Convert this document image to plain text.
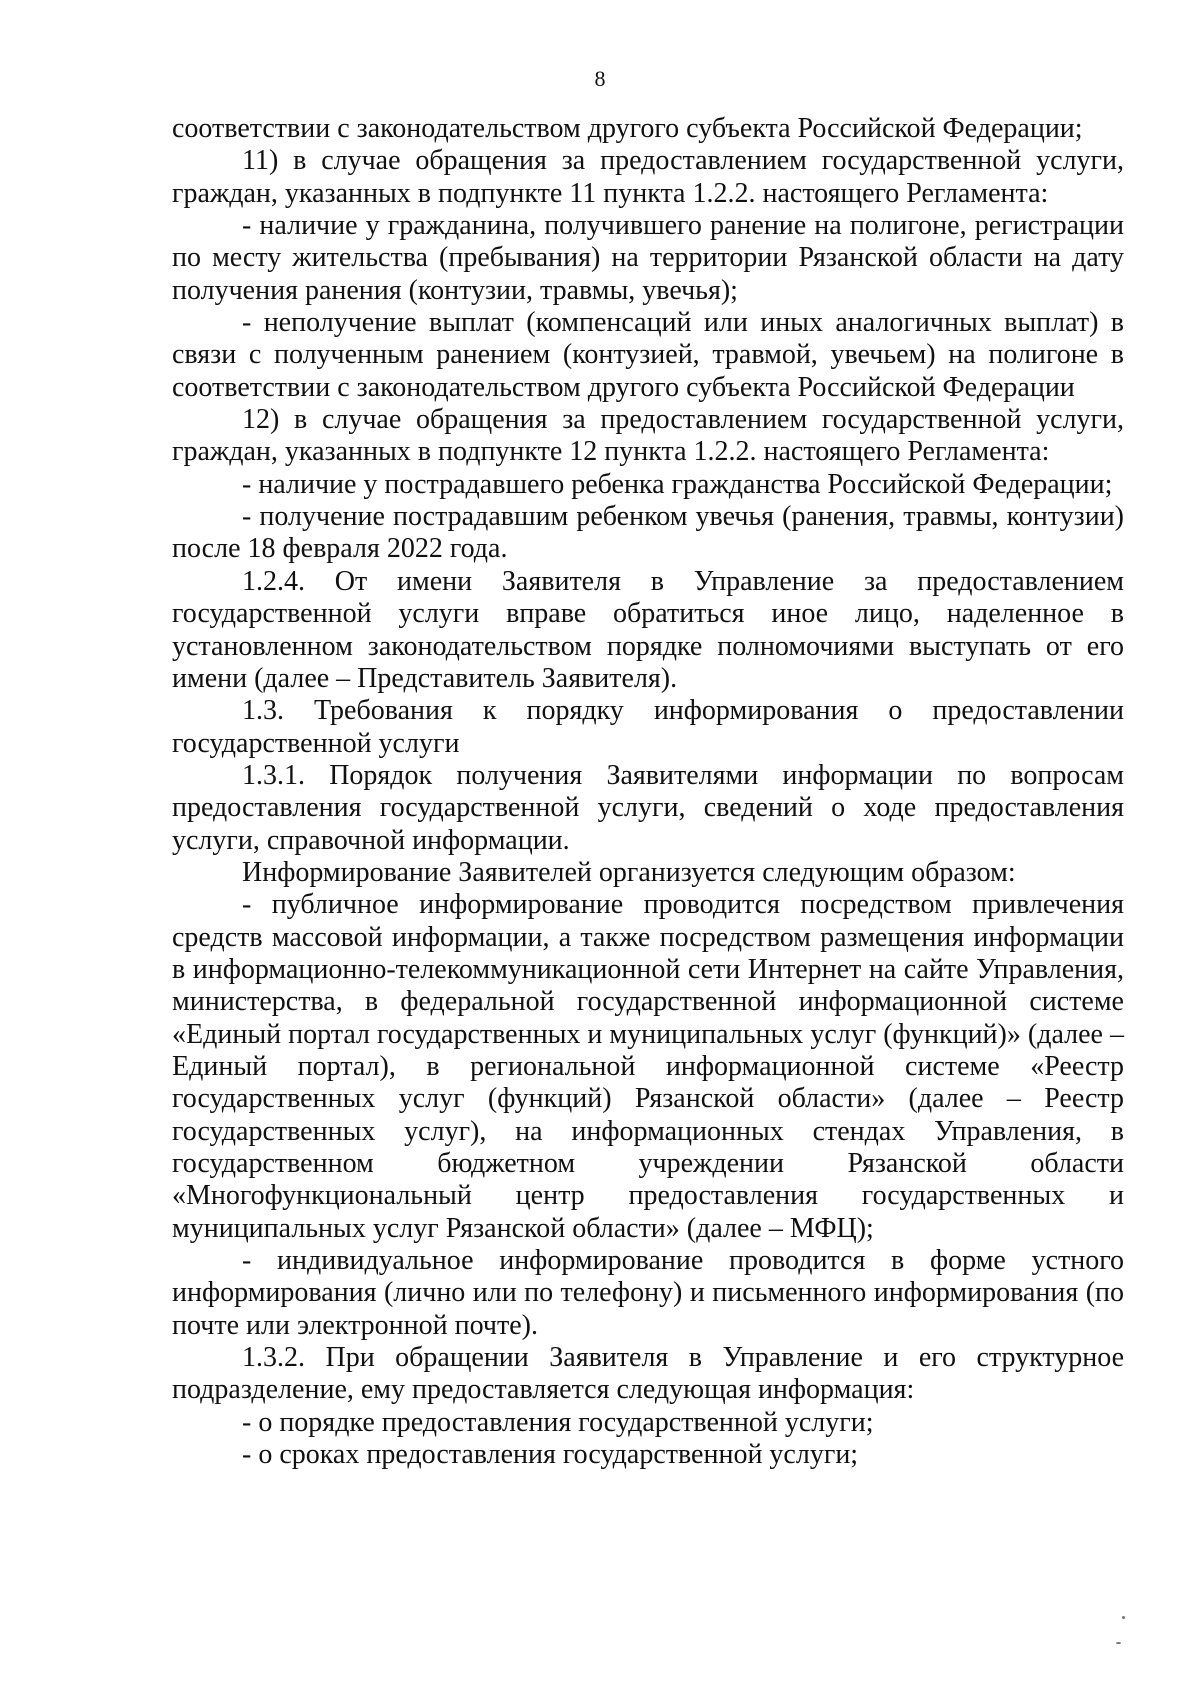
8

соответствии с законодательством другого субъекта Российской Федерации;

11) в случае обращения за предоставлением государственной услуги, граждан, указанных в подпункте 11 пункта 1.2.2. настоящего Регламента:

- наличие у гражданина, получившего ранение на полигоне, регистрации по месту жительства (пребывания) на территории Рязанской области на дату получения ранения (контузии, травмы, увечья);

- неполучение выплат (компенсаций или иных аналогичных выплат) в связи с полученным ранением (контузией, травмой, увечьем) на полигоне в соответствии с законодательством другого субъекта Российской Федерации

12) в случае обращения за предоставлением государственной услуги, граждан, указанных в подпункте 12 пункта 1.2.2. настоящего Регламента:

- наличие у пострадавшего ребенка гражданства Российской Федерации;

- получение пострадавшим ребенком увечья (ранения, травмы, контузии) после 18 февраля 2022 года.

1.2.4. От имени Заявителя в Управление за предоставлением государственной услуги вправе обратиться иное лицо, наделенное в установленном законодательством порядке полномочиями выступать от его имени (далее – Представитель Заявителя).

1.3. Требования к порядку информирования о предоставлении государственной услуги

1.3.1. Порядок получения Заявителями информации по вопросам предоставления государственной услуги, сведений о ходе предоставления услуги, справочной информации.

Информирование Заявителей организуется следующим образом:

- публичное информирование проводится посредством привлечения средств массовой информации, а также посредством размещения информации в информационно-телекоммуникационной сети Интернет на сайте Управления, министерства, в федеральной государственной информационной системе «Единый портал государственных и муниципальных услуг (функций)» (далее – Единый портал), в региональной информационной системе «Реестр государственных услуг (функций) Рязанской области» (далее – Реестр государственных услуг), на информационных стендах Управления, в государственном бюджетном учреждении Рязанской области «Многофункциональный центр предоставления государственных и муниципальных услуг Рязанской области» (далее – МФЦ);

- индивидуальное информирование проводится в форме устного информирования (лично или по телефону) и письменного информирования (по почте или электронной почте).

1.3.2. При обращении Заявителя в Управление и его структурное подразделение, ему предоставляется следующая информация:

- о порядке предоставления государственной услуги;

- о сроках предоставления государственной услуги;
